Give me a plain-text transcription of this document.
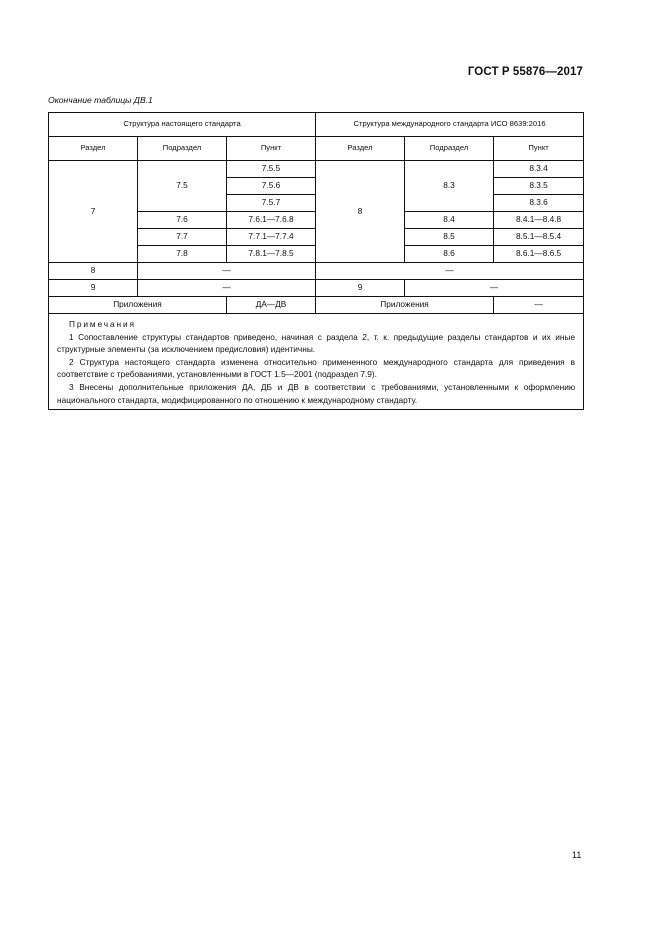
ГОСТ Р 55876—2017
Окончание таблицы ДВ.1
Структура настоящего стандарта			Структура международного стандарта ИСО 8639:2016		
Раздел	Подраздел	Пункт	Раздел	Подраздел	Пункт
7	7.5	7.5.5	8	8.3	8.3.4
		7.5.6			8.3.5
		7.5.7			8.3.6
	7.6	7.6.1—7.6.8		8.4	8.4.1—8.4.8
	7.7	7.7.1—7.7.4		8.5	8.5.1—8.5.4
	7.8	7.8.1—7.8.5		8.6	8.6.1—8.6.5
8	—		—		
9	—		9	—	
Приложения		ДА—ДВ	Приложения		—

Примечания

1 Сопоставление структуры стандартов приведено, начиная с раздела 2, т. к. предыдущие разделы стандартов и их иные структурные элементы (за исключением предисловия) идентичны.

2 Структура настоящего стандарта изменена относительно примененного международного стандарта для приведения в соответствие с требованиями, установленными в ГОСТ 1.5—2001 (подраздел 7.9).

3 Внесены дополнительные приложения ДА, ДБ и ДВ в соответствии с требованиями, установленными к оформлению национального стандарта, модифицированного по отношению к международному стандарту.					

11
